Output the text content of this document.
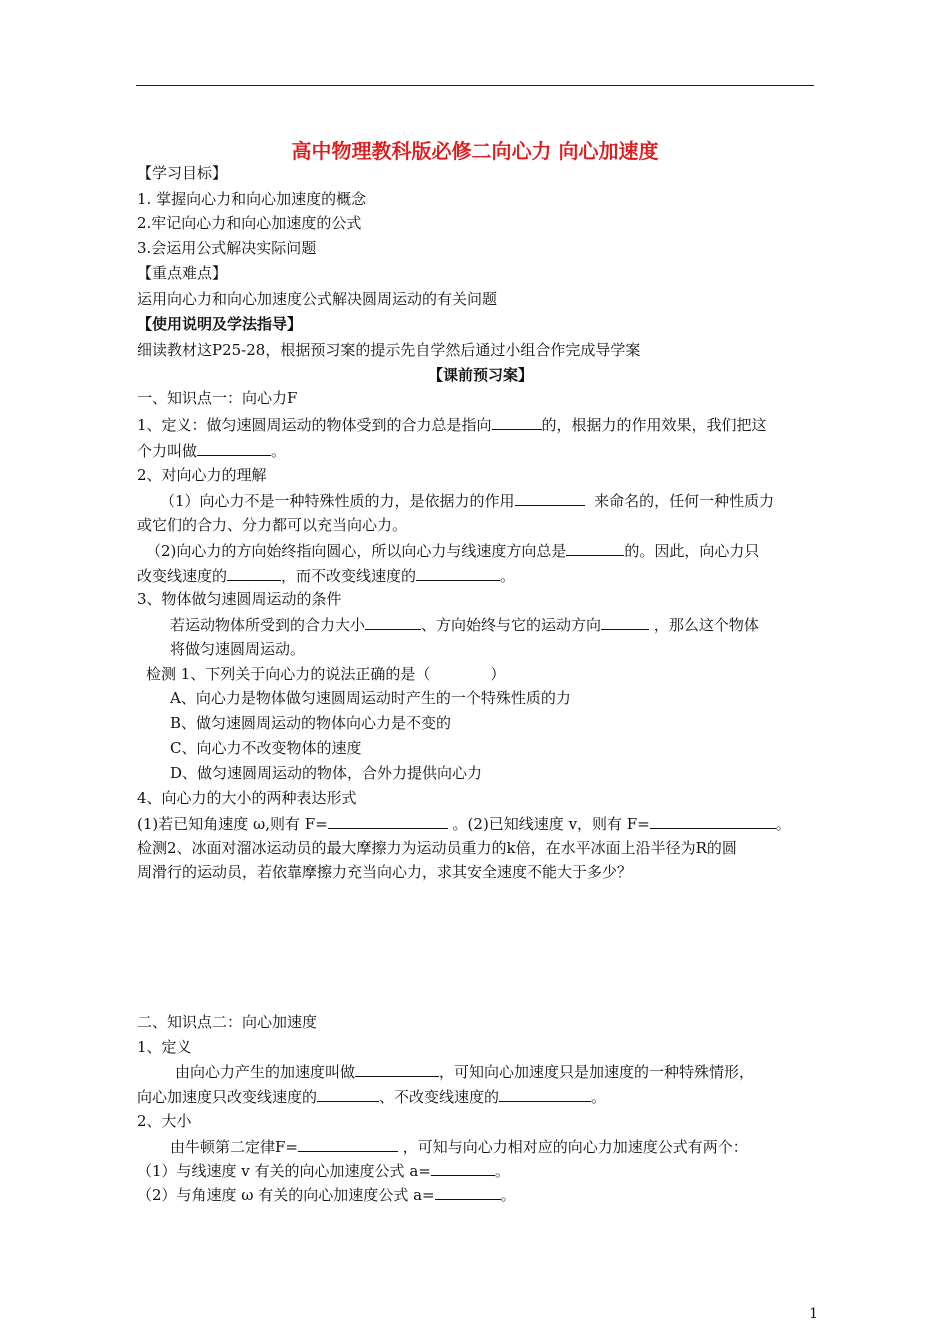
高中物理教科版必修二向心力 向心加速度
【学习目标】
1. 掌握向心力和向心加速度的概念
2.牢记向心力和向心加速度的公式
3.会运用公式解决实际问题
【重点难点】
运用向心力和向心加速度公式解决圆周运动的有关问题
【使用说明及学法指导】
细读教材这P25-28，根据预习案的提示先自学然后通过小组合作完成导学案
【课前预习案】
一、知识点一：向心力F
1、定义：做匀速圆周运动的物体受到的合力总是指向	的，根据力的作用效果，我们把这
个力叫做	。
2、对向心力的理解
（1）向心力不是一种特殊性质的力，是依据力的作用	来命名的，任何一种性质力
或它们的合力、分力都可以充当向心力。
（2)向心力的方向始终指向圆心，所以向心力与线速度方向总是	的。因此，向心力只
改变线速度的	，而不改变线速度的	。
3、物体做匀速圆周运动的条件
若运动物体所受到的合力大小	、方向始终与它的运动方向	，那么这个物体
将做匀速圆周运动。
检测 1、下列关于向心力的说法正确的是（　　　　）
A、向心力是物体做匀速圆周运动时产生的一个特殊性质的力
B、做匀速圆周运动的物体向心力是不变的
C、向心力不改变物体的速度
D、做匀速圆周运动的物体，合外力提供向心力
4、向心力的大小的两种表达形式
(1)若已知角速度 ω,则有 F=	。(2)已知线速度 v，则有 F=	。
检测2、冰面对溜冰运动员的最大摩擦力为运动员重力的k倍，在水平冰面上沿半径为R的圆
周滑行的运动员，若依靠摩擦力充当向心力，求其安全速度不能大于多少？
二、知识点二：向心加速度
1、定义
由向心力产生的加速度叫做	，可知向心加速度只是加速度的一种特殊情形，
向心加速度只改变线速度的	、不改变线速度的	。
2、大小
由牛顿第二定律F=	，可知与向心力相对应的向心力加速度公式有两个：
（1）与线速度 v 有关的向心加速度公式 a=	。
（2）与角速度 ω 有关的向心加速度公式 a=	。
1
